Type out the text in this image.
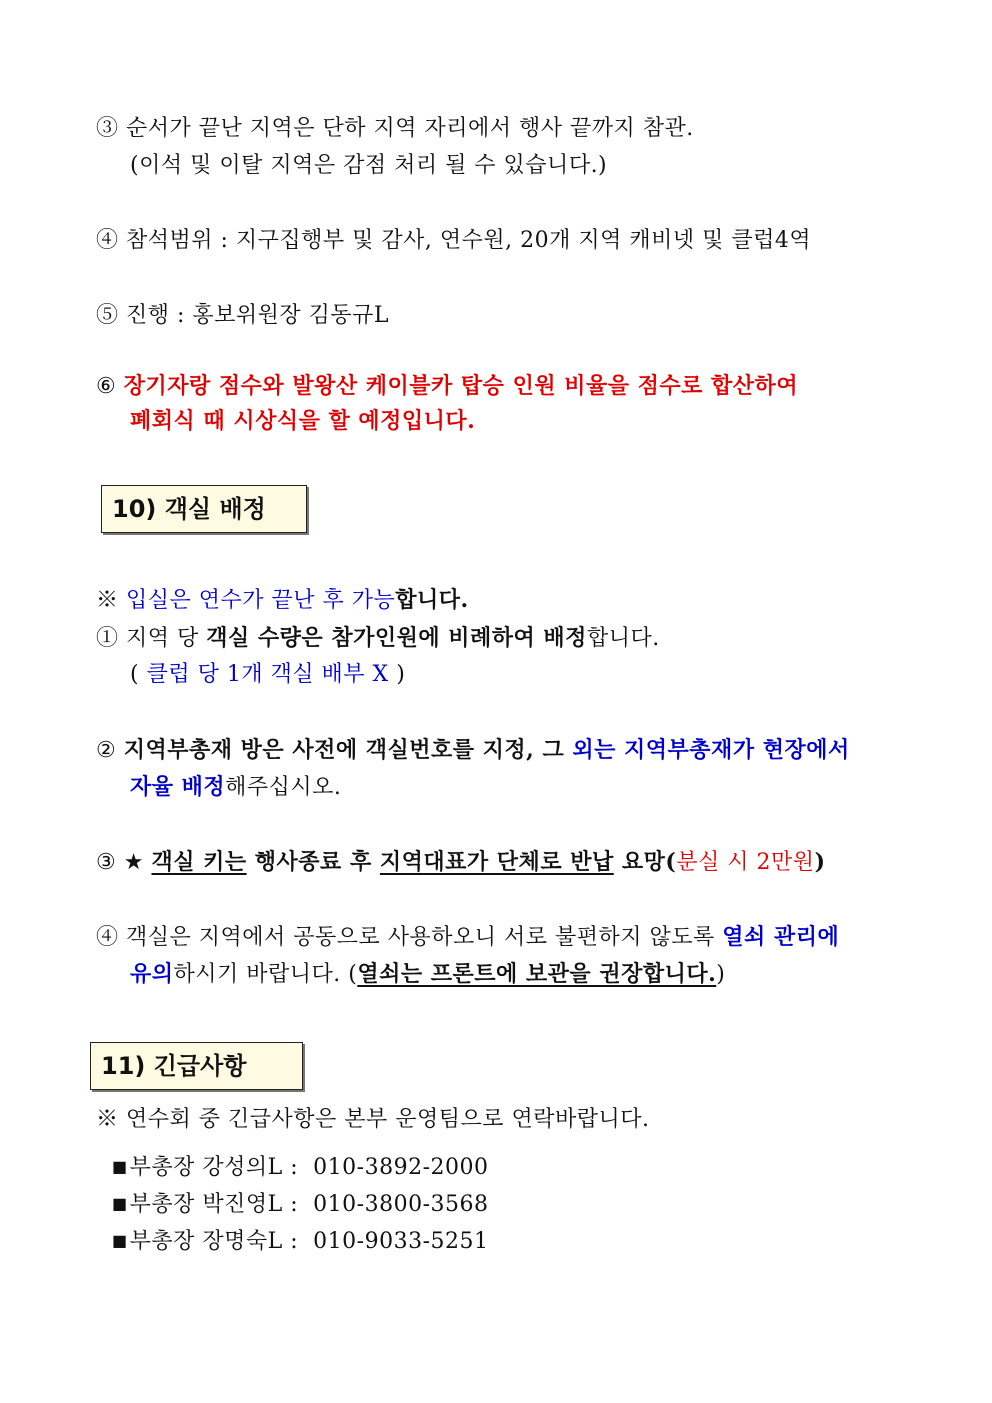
③ 순서가 끝난 지역은 단하 지역 자리에서 행사 끝까지 참관.
(이석 및 이탈 지역은 감점 처리 될 수 있습니다.)
④ 참석범위 : 지구집행부 및 감사, 연수원, 20개 지역 캐비넷 및 클럽4역
⑤ 진행 : 홍보위원장 김동규L
⑥ 장기자랑 점수와 발왕산 케이블카 탑승 인원 비율을 점수로 합산하여
폐회식 때 시상식을 할 예정입니다.
10) 객실 배정
※ 입실은 연수가 끝난 후 가능합니다.
① 지역 당 객실 수량은 참가인원에 비례하여 배정합니다.
( 클럽 당 1개 객실 배부 X )
② 지역부총재 방은 사전에 객실번호를 지정, 그 외는 지역부총재가 현장에서
자율 배정해주십시오.
③ ★ 객실 키는 행사종료 후 지역대표가 단체로 반납 요망(분실 시 2만원)
④ 객실은 지역에서 공동으로 사용하오니 서로 불편하지 않도록 열쇠 관리에
유의하시기 바랍니다. (열쇠는 프론트에 보관을 권장합니다.)
11) 긴급사항
※ 연수회 중 긴급사항은 본부 운영팀으로 연락바랍니다.
■부총장 강성의L : 010-3892-2000
■부총장 박진영L : 010-3800-3568
■부총장 장명숙L : 010-9033-5251
